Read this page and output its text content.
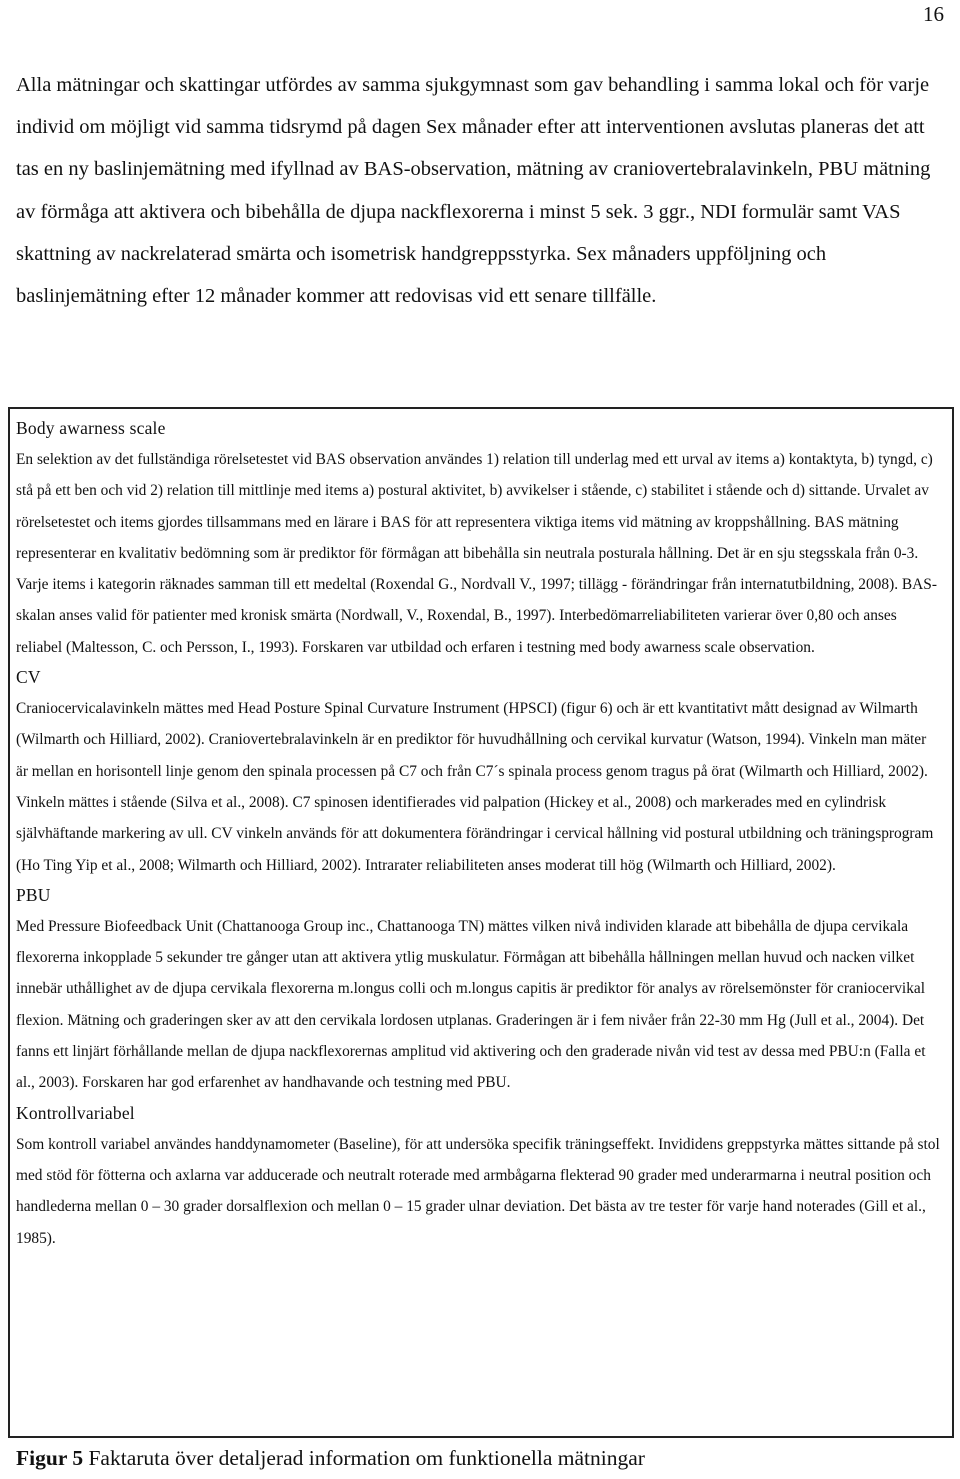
16

Alla mätningar och skattingar utfördes av samma sjukgymnast som gav behandling i samma lokal och för varje individ om möjligt vid samma tidsrymd på dagen Sex månader efter att interventionen avslutas planeras det att tas en ny baslinjemätning med ifyllnad av BAS-observation, mätning av craniovertebralavinkeln, PBU mätning av förmåga att aktivera och bibehålla de djupa nackflexorerna i minst 5 sek. 3 ggr., NDI formulär samt VAS skattning av nackrelaterad smärta och isometrisk handgreppsstyrka. Sex månaders uppföljning och baslinjemätning efter 12 månader kommer att redovisas vid ett senare tillfälle.

Body awarness scale

En selektion av det fullständiga rörelsetestet vid BAS observation användes 1) relation till underlag med ett urval av items a) kontaktyta, b) tyngd, c) stå på ett ben och vid 2) relation till mittlinje med items a) postural aktivitet, b) avvikelser i stående, c) stabilitet i stående och d) sittande. Urvalet av rörelsetestet och items gjordes tillsammans med en lärare i BAS för att representera viktiga items vid mätning av kroppshållning. BAS mätning representerar en kvalitativ bedömning som är prediktor för förmågan att bibehålla sin neutrala posturala hållning. Det är en sju stegsskala från 0-3. Varje items i kategorin räknades samman till ett medeltal (Roxendal G., Nordvall V., 1997; tillägg - förändringar från internatutbildning, 2008). BAS-skalan anses valid för patienter med kronisk smärta (Nordwall, V., Roxendal, B., 1997). Interbedömarreliabiliteten varierar över 0,80 och anses reliabel (Maltesson, C. och Persson, I., 1993). Forskaren var utbildad och erfaren i testning med body awarness scale observation.

CV

Craniocervicalavinkeln mättes med Head Posture Spinal Curvature Instrument (HPSCI) (figur 6) och är ett kvantitativt mått designad av Wilmarth (Wilmarth och Hilliard, 2002). Craniovertebralavinkeln är en prediktor för huvudhållning och cervikal kurvatur (Watson, 1994). Vinkeln man mäter är mellan en horisontell linje genom den spinala processen på C7 och från C7´s spinala process genom tragus på örat (Wilmarth och Hilliard, 2002). Vinkeln mättes i stående (Silva et al., 2008). C7 spinosen identifierades vid palpation (Hickey et al., 2008) och markerades med en cylindrisk självhäftande markering av ull. CV vinkeln används för att dokumentera förändringar i cervical hållning vid postural utbildning och träningsprogram (Ho Ting Yip et al., 2008; Wilmarth och Hilliard, 2002). Intrarater reliabiliteten anses moderat till hög (Wilmarth och Hilliard, 2002).

PBU

Med Pressure Biofeedback Unit (Chattanooga Group inc., Chattanooga TN) mättes vilken nivå individen klarade att bibehålla de djupa cervikala flexorerna inkopplade 5 sekunder tre gånger utan att aktivera ytlig muskulatur. Förmågan att bibehålla hållningen mellan huvud och nacken vilket innebär uthållighet av de djupa cervikala flexorerna m.longus colli och m.longus capitis är prediktor för analys av rörelsemönster för craniocervikal flexion. Mätning och graderingen sker av att den cervikala lordosen utplanas. Graderingen är i fem nivåer från 22-30 mm Hg (Jull et al., 2004). Det fanns ett linjärt förhållande mellan de djupa nackflexorernas amplitud vid aktivering och den graderade nivån vid test av dessa med PBU:n (Falla et al., 2003). Forskaren har god erfarenhet av handhavande och testning med PBU.

Kontrollvariabel

Som kontroll variabel användes handdynamometer (Baseline), för att undersöka specifik träningseffekt. Invididens greppstyrka mättes sittande på stol med stöd för fötterna och axlarna var adducerade och neutralt roterade med armbågarna flekterad 90 grader med underarmarna i neutral position och handlederna mellan 0 – 30 grader dorsalflexion och mellan 0 – 15 grader ulnar deviation. Det bästa av tre tester för varje hand noterades (Gill et al., 1985).

Figur 5 Faktaruta över detaljerad information om funktionella mätningar
